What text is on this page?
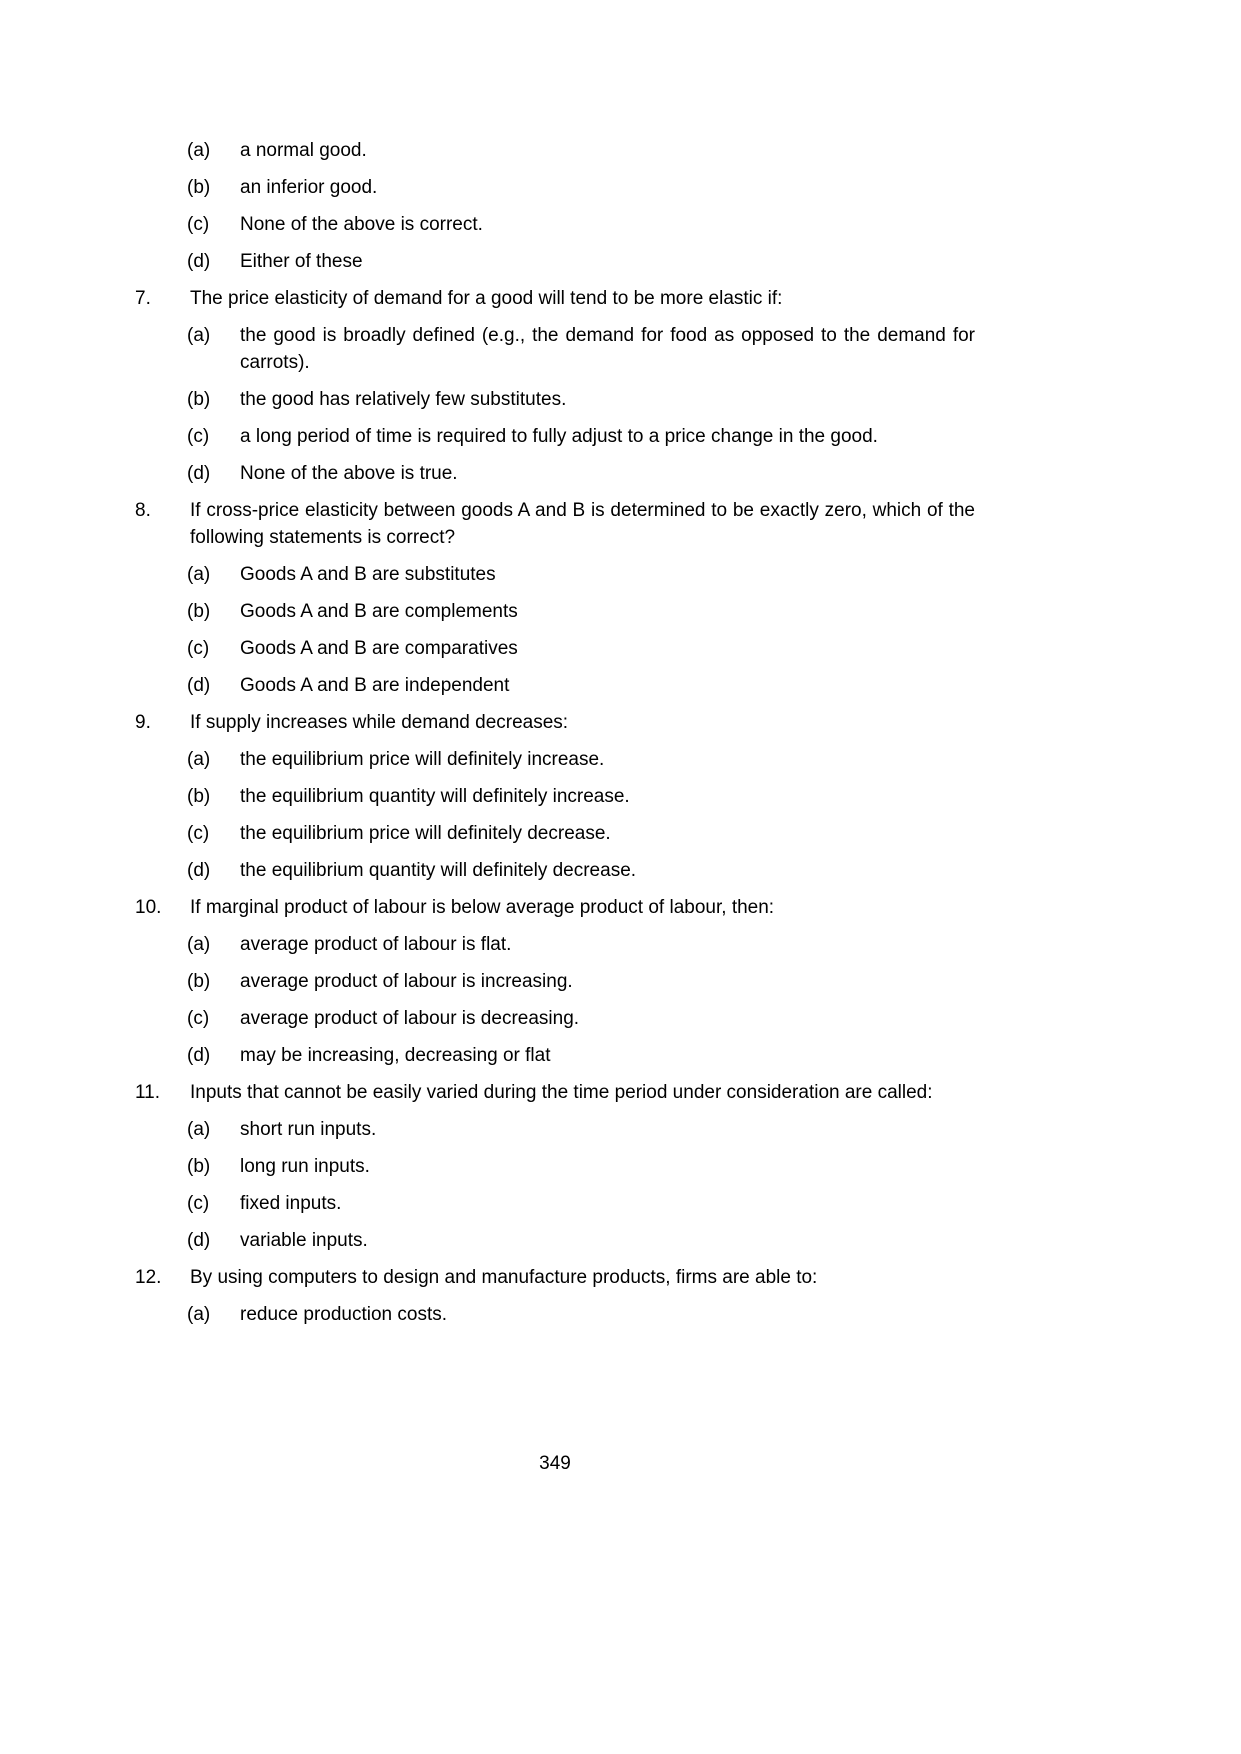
(a)	a normal good.
(b)	an inferior good.
(c)	None of the above is correct.
(d)	Either of these
7.	The price elasticity of demand for a good will tend to be more elastic if:
(a)	the good is broadly defined (e.g., the demand for food as opposed to the demand for carrots).
(b)	the good has relatively few substitutes.
(c)	a long period of time is required to fully adjust to a price change in the good.
(d)	None of the above is true.
8.	If cross-price elasticity between goods A and B is determined to be exactly zero, which of the following statements is correct?
(a)	Goods A and B are substitutes
(b)	Goods A and B are complements
(c)	Goods A and B are comparatives
(d)	Goods A and B are independent
9.	If supply increases while demand decreases:
(a)	the equilibrium price will definitely increase.
(b)	the equilibrium quantity will definitely increase.
(c)	the equilibrium price will definitely decrease.
(d)	the equilibrium quantity will definitely decrease.
10.	If marginal product of labour is below average product of labour, then:
(a)	average product of labour is flat.
(b)	average product of labour is increasing.
(c)	average product of labour is decreasing.
(d)	may be increasing, decreasing or flat
11.	Inputs that cannot be easily varied during the time period under consideration are called:
(a)	short run inputs.
(b)	long run inputs.
(c)	fixed inputs.
(d)	variable inputs.
12.	By using computers to design and manufacture products, firms are able to:
(a)	reduce production costs.
349
